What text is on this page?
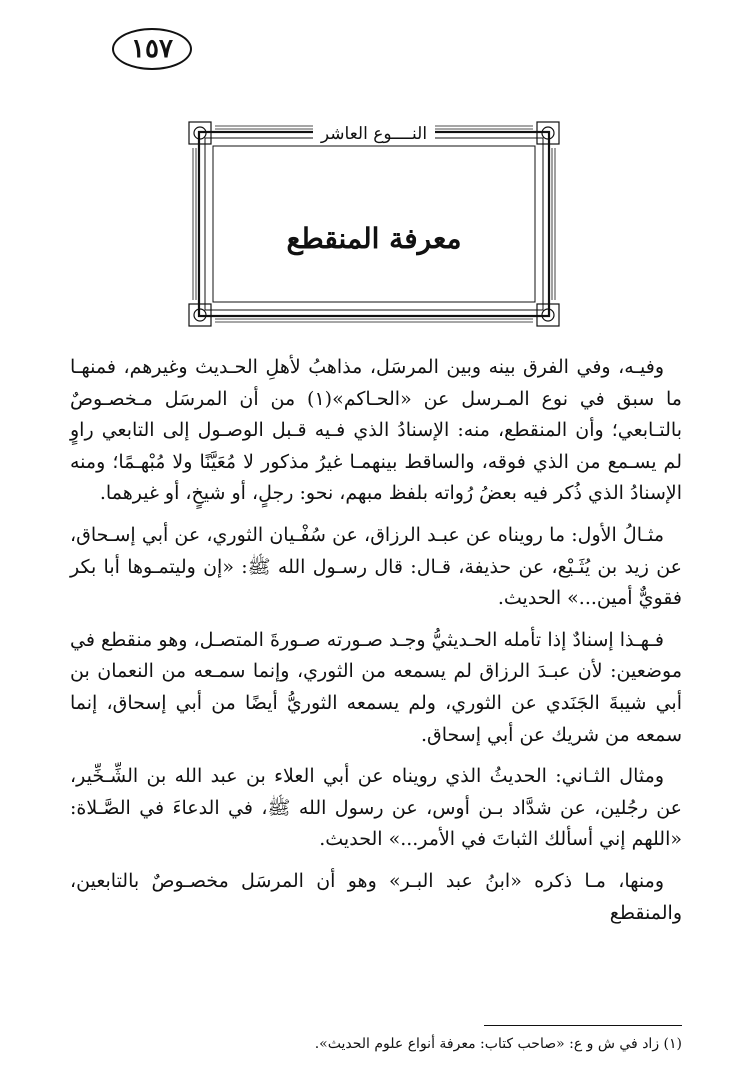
١٥٧
النــــوع العاشر
معرفة المنقطع

وفيـه، وفي الفرق بينه وبين المرسَل، مذاهبُ لأهلِ الحـديث وغيرهم، فمنهـا ما سبق في نوع المـرسل عن «الحـاكم»(١) من أن المرسَل مـخصـوصٌ بالتـابعي؛ وأن المنقطع، منه: الإسنادُ الذي فـيه قـبل الوصـول إلى التابعي راوٍ لم يسـمع من الذي فوقه، والساقط بينهمـا غيرُ مذكور لا مُعَيَّنًا ولا مُبْهـمًا؛ ومنه الإسنادُ الذي ذُكر فيه بعضُ رُواته بلفظ مبهم، نحو: رجلٍ، أو شيخٍ، أو غيرهما.

مثـالُ الأول: ما رويناه عن عبـد الرزاق، عن سُفْـيان الثوري، عن أبي إسـحاق، عن زيد بن يُثَـيْع، عن حذيفة، قـال: قال رسـول الله ﷺ: «إن وليتمـوها أبا بكر فقويٌّ أمين...» الحديث.

فـهـذا إسنادٌ إذا تأمله الحـديثيُّ وجـد صـورته صـورةَ المتصـل، وهو منقطع في موضعين: لأن عبـدَ الرزاق لم يسمعه من الثوري، وإنما سمـعه من النعمان بن أبي شيبةَ الجَنَدي عن الثوري، ولم يسمعه الثوريُّ أيضًا من أبي إسحاق، إنما سمعه من شريك عن أبي إسحاق.

ومثال الثـاني: الحديثُ الذي رويناه عن أبي العلاء بن عبد الله بن الشِّـخِّير، عن رجُلين، عن شدَّاد بـن أوس، عن رسول الله ﷺ، في الدعاءَ في الصَّـلاة: «اللهم إني أسألك الثباتَ في الأمر...» الحديث.

ومنها، مـا ذكره «ابنُ عبد البـر» وهو أن المرسَل مخصـوصٌ بالتابعين، والمنقطع

(١) زاد في ش و ع: «صاحب كتاب: معرفة أنواع علوم الحديث».
